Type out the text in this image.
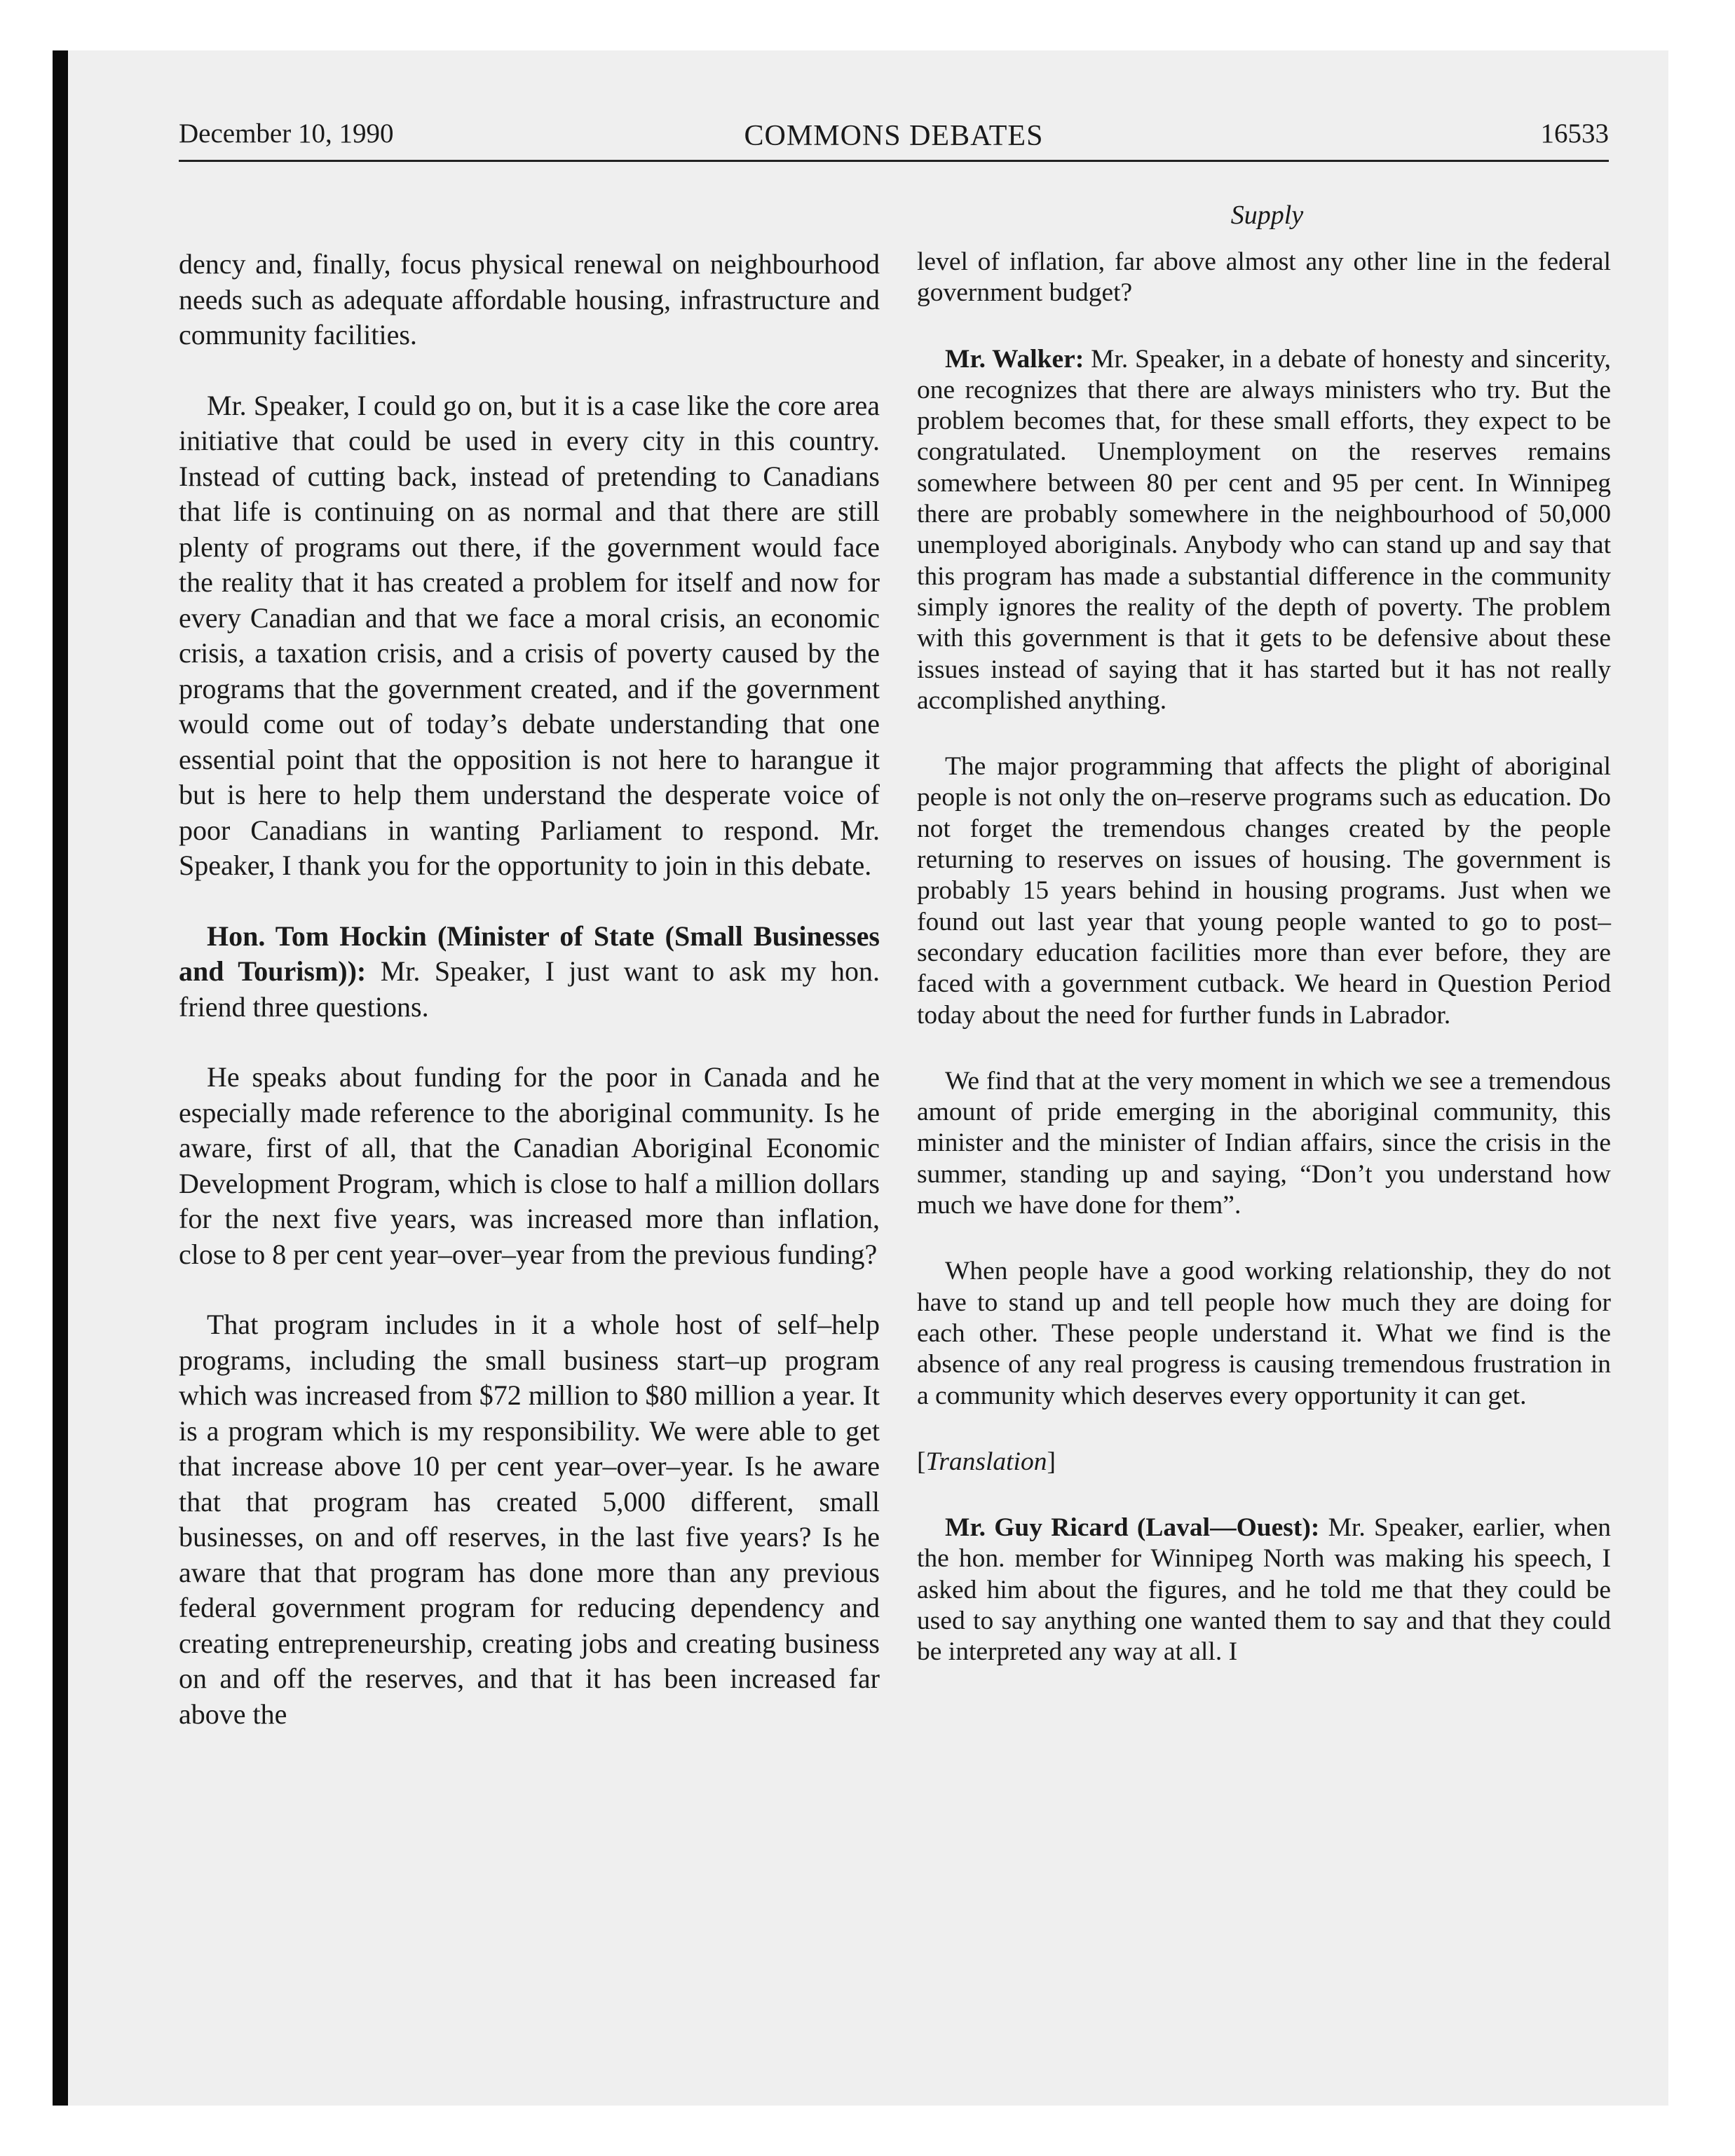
December 10, 1990	COMMONS DEBATES	16533
Supply

dency and, finally, focus physical renewal on neighbourhood needs such as adequate affordable housing, infrastructure and community facilities.

Mr. Speaker, I could go on, but it is a case like the core area initiative that could be used in every city in this country. Instead of cutting back, instead of pretending to Canadians that life is continuing on as normal and that there are still plenty of programs out there, if the government would face the reality that it has created a problem for itself and now for every Canadian and that we face a moral crisis, an economic crisis, a taxation crisis, and a crisis of poverty caused by the programs that the government created, and if the government would come out of today’s debate understanding that one essential point that the opposition is not here to harangue it but is here to help them understand the desperate voice of poor Canadians in wanting Parliament to respond. Mr. Speaker, I thank you for the opportunity to join in this debate.

Hon. Tom Hockin (Minister of State (Small Businesses and Tourism)): Mr. Speaker, I just want to ask my hon. friend three questions.

He speaks about funding for the poor in Canada and he especially made reference to the aboriginal community. Is he aware, first of all, that the Canadian Aboriginal Economic Development Program, which is close to half a million dollars for the next five years, was increased more than inflation, close to 8 per cent year–over–year from the previous funding?

That program includes in it a whole host of self–help programs, including the small business start–up program which was increased from $72 million to $80 million a year. It is a program which is my responsibility. We were able to get that increase above 10 per cent year–over–year. Is he aware that that program has created 5,000 different, small businesses, on and off reserves, in the last five years? Is he aware that that program has done more than any previous federal government program for reducing dependency and creating entrepreneurship, creating jobs and creating business on and off the reserves, and that it has been increased far above the

level of inflation, far above almost any other line in the federal government budget?

Mr. Walker: Mr. Speaker, in a debate of honesty and sincerity, one recognizes that there are always ministers who try. But the problem becomes that, for these small efforts, they expect to be congratulated. Unemployment on the reserves remains somewhere between 80 per cent and 95 per cent. In Winnipeg there are probably somewhere in the neighbourhood of 50,000 unemployed aboriginals. Anybody who can stand up and say that this program has made a substantial difference in the community simply ignores the reality of the depth of poverty. The problem with this government is that it gets to be defensive about these issues instead of saying that it has started but it has not really accomplished anything.

The major programming that affects the plight of aboriginal people is not only the on–reserve programs such as education. Do not forget the tremendous changes created by the people returning to reserves on issues of housing. The government is probably 15 years behind in housing programs. Just when we found out last year that young people wanted to go to post–secondary education facilities more than ever before, they are faced with a government cutback. We heard in Question Period today about the need for further funds in Labrador.

We find that at the very moment in which we see a tremendous amount of pride emerging in the aboriginal community, this minister and the minister of Indian affairs, since the crisis in the summer, standing up and saying, “Don’t you understand how much we have done for them”.

When people have a good working relationship, they do not have to stand up and tell people how much they are doing for each other. These people understand it. What we find is the absence of any real progress is causing tremendous frustration in a community which deserves every opportunity it can get.

[Translation]

Mr. Guy Ricard (Laval—Ouest): Mr. Speaker, earlier, when the hon. member for Winnipeg North was making his speech, I asked him about the figures, and he told me that they could be used to say anything one wanted them to say and that they could be interpreted any way at all. I
